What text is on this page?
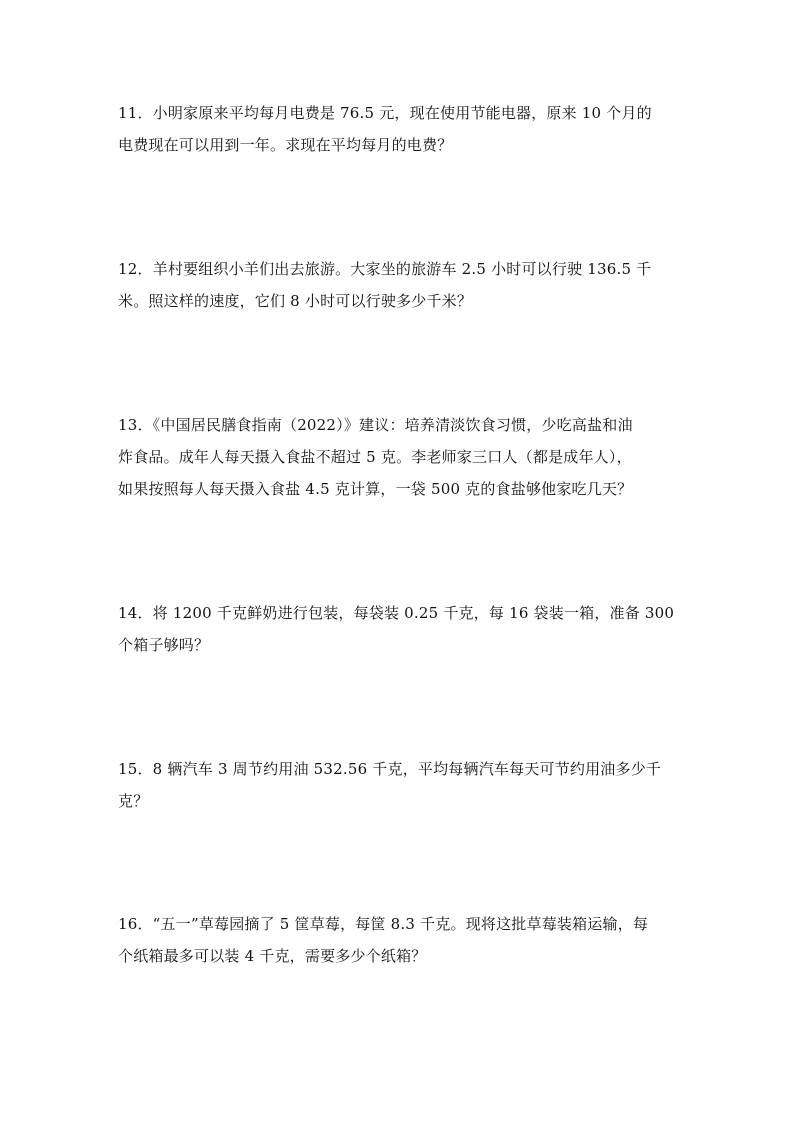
11．小明家原来平均每月电费是 76.5 元，现在使用节能电器，原来 10 个月的
电费现在可以用到一年。求现在平均每月的电费？
12．羊村要组织小羊们出去旅游。大家坐的旅游车 2.5 小时可以行驶 136.5 千
米。照这样的速度，它们 8 小时可以行驶多少千米？
13．《中国居民膳食指南（2022）》建议：培养清淡饮食习惯，少吃高盐和油
炸食品。成年人每天摄入食盐不超过 5 克。李老师家三口人（都是成年人），
如果按照每人每天摄入食盐 4.5 克计算，一袋 500 克的食盐够他家吃几天？
14．将 1200 千克鲜奶进行包装，每袋装 0.25 千克，每 16 袋装一箱，准备 300
个箱子够吗？
15．8 辆汽车 3 周节约用油 532.56 千克，平均每辆汽车每天可节约用油多少千
克？
16．“五一”草莓园摘了 5 筐草莓，每筐 8.3 千克。现将这批草莓装箱运输，每
个纸箱最多可以装 4 千克，需要多少个纸箱？
